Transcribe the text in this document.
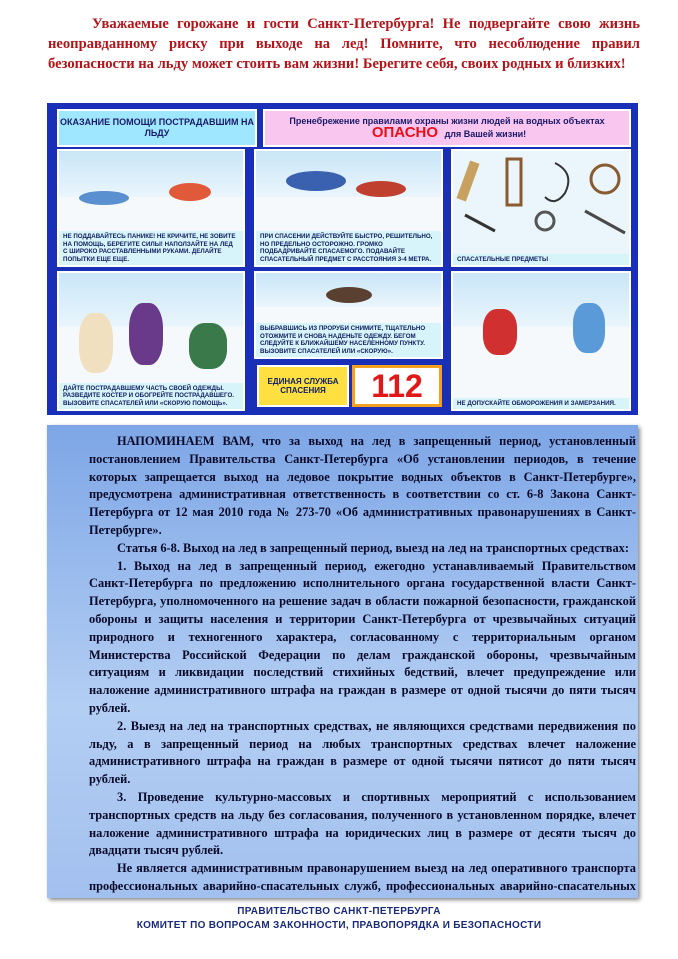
Уважаемые горожане и гости Санкт-Петербурга! Не подвергайте свою жизнь неоправданному риску при выходе на лед! Помните, что несоблюдение правил безопасности на льду может стоить вам жизни! Берегите себя, своих родных и близких!

ОКАЗАНИЕ ПОМОЩИ ПОСТРАДАВШИМ НА ЛЬДУ
Пренебрежение правилами охраны жизни людей на водных объектах ОПАСНО для Вашей жизни!
НЕ ПОДДАВАЙТЕСЬ ПАНИКЕ! НЕ КРИЧИТЕ, НЕ ЗОВИТЕ НА ПОМОЩЬ, БЕРЕГИТЕ СИЛЫ! НАПОЛЗАЙТЕ НА ЛЕД С ШИРОКО РАССТАВЛЕННЫМИ РУКАМИ. ДЕЛАЙТЕ ПОПЫТКИ ЕЩЕ ЕЩЕ.
ПРИ СПАСЕНИИ ДЕЙСТВУЙТЕ БЫСТРО, РЕШИТЕЛЬНО, НО ПРЕДЕЛЬНО ОСТОРОЖНО. ГРОМКО ПОДБАДРИВАЙТЕ СПАСАЕМОГО. ПОДАВАЙТЕ СПАСАТЕЛЬНЫЙ ПРЕДМЕТ С РАССТОЯНИЯ 3-4 МЕТРА.	СПАСАТЕЛЬНЫЕ ПРЕДМЕТЫ
ДАЙТЕ ПОСТРАДАВШЕМУ ЧАСТЬ СВОЕЙ ОДЕЖДЫ. РАЗВЕДИТЕ КОСТЕР И ОБОГРЕЙТЕ ПОСТРАДАВШЕГО. ВЫЗОВИТЕ СПАСАТЕЛЕЙ ИЛИ «СКОРУЮ ПОМОЩЬ».
ВЫБРАВШИСЬ ИЗ ПРОРУБИ СНИМИТЕ, ТЩАТЕЛЬНО ОТОЖМИТЕ И СНОВА НАДЕНЬТЕ ОДЕЖДУ. БЕГОМ СЛЕДУЙТЕ К БЛИЖАЙШЕМУ НАСЕЛЕННОМУ ПУНКТУ. ВЫЗОВИТЕ СПАСАТЕЛЕЙ ИЛИ «СКОРУЮ».
ЕДИНАЯ СЛУЖБА СПАСЕНИЯ	112	НЕ ДОПУСКАЙТЕ ОБМОРОЖЕНИЯ И ЗАМЕРЗАНИЯ.

НАПОМИНАЕМ ВАМ, что за выход на лед в запрещенный период, установленный постановлением Правительства Санкт-Петербурга «Об установлении периодов, в течение которых запрещается выход на ледовое покрытие водных объектов в Санкт-Петербурге», предусмотрена административная ответственность в соответствии со ст. 6-8 Закона Санкт-Петербурга от 12 мая 2010 года № 273-70 «Об административных правонарушениях в Санкт-Петербурге».

Статья 6-8. Выход на лед в запрещенный период, выезд на лед на транспортных средствах:

1. Выход на лед в запрещенный период, ежегодно устанавливаемый Правительством Санкт-Петербурга по предложению исполнительного органа государственной власти Санкт-Петербурга, уполномоченного на решение задач в области пожарной безопасности, гражданской обороны и защиты населения и территории Санкт-Петербурга от чрезвычайных ситуаций природного и техногенного характера, согласованному с территориальным органом Министерства Российской Федерации по делам гражданской обороны, чрезвычайным ситуациям и ликвидации последствий стихийных бедствий, влечет предупреждение или наложение административного штрафа на граждан в размере от одной тысячи до пяти тысяч рублей.

2. Выезд на лед на транспортных средствах, не являющихся средствами передвижения по льду, а в запрещенный период на любых транспортных средствах влечет наложение административного штрафа на граждан в размере от одной тысячи пятисот до пяти тысяч рублей.

3. Проведение культурно-массовых и спортивных мероприятий с использованием транспортных средств на льду без согласования, полученного в установленном порядке, влечет наложение административного штрафа на юридических лиц в размере от десяти тысяч до двадцати тысяч рублей.

Не является административным правонарушением выезд на лед оперативного транспорта профессиональных аварийно-спасательных служб, профессиональных аварийно-спасательных

ПРАВИТЕЛЬСТВО САНКТ-ПЕТЕРБУРГА
КОМИТЕТ ПО ВОПРОСАМ ЗАКОННОСТИ, ПРАВОПОРЯДКА И БЕЗОПАСНОСТИ
